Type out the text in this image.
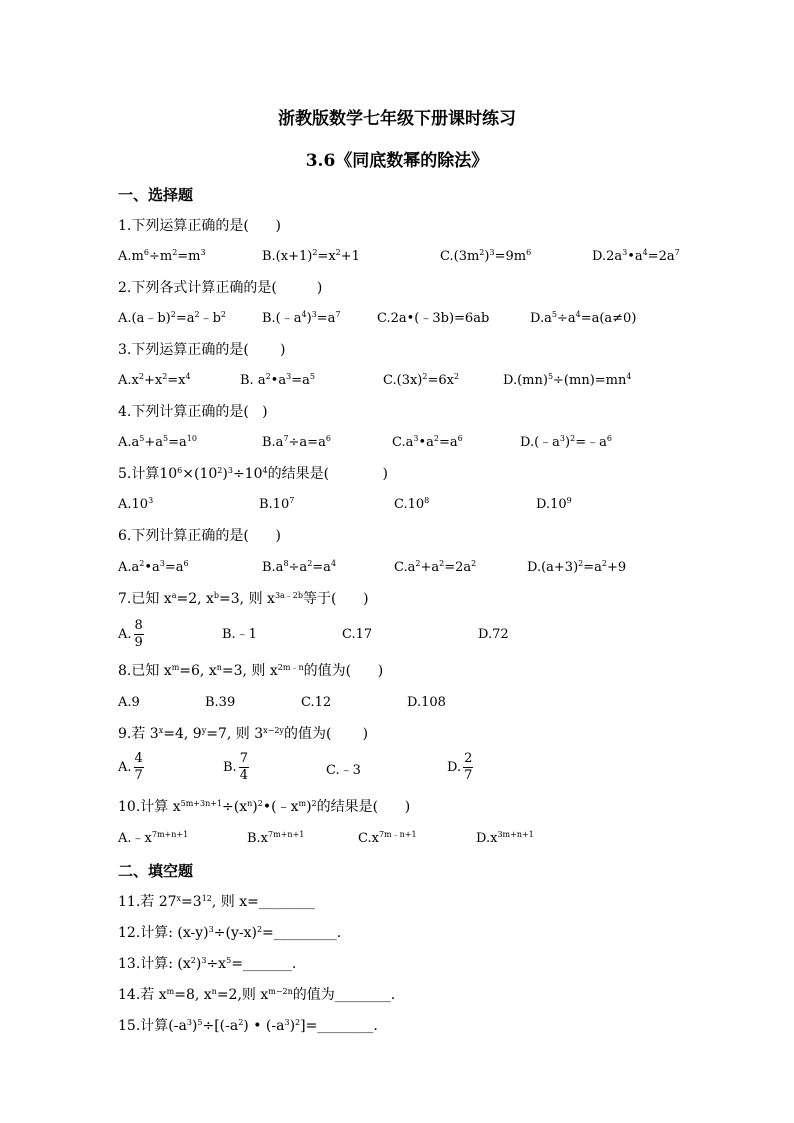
浙教版数学七年级下册课时练习
3.6《同底数幂的除法》
一、选择题
1.下列运算正确的是(      )
$A.m^6\div m^2=m^3$	$B.(x+1)^2=x^2+1$	$C.(3m^2)^3=9m^6$	$D.2a^3•a^4=2a^7$
2.下列各式计算正确的是(         )
$A.(a﹣b)^2=a^2﹣b^2$	$B.(﹣a^4)^3=a^7$	C.2a•(﹣3b)=6ab	$D.a^5\div a^4=a(a\ne 0)$
3.下列运算正确的是(       )
$A.x^2+x^2=x^4$	B. $a^2•a^3=a^5$	$C.(3x)^2=6x^2$	$D.(mn)^5\div(mn)=mn^4$
4.下列计算正确的是(   )
$A.a^5+a^5=a^{10}$	$B.a^7\div a=a^6$	$C.a^3•a^2=a^6$	$D.(﹣a^3)^2=﹣a^6$
5.计算$10^6\times(10^2)^3\div 10^4$的结果是(            )
$A.10^3$	$B.10^7$	$C.10^8$	$D.10^9$
6.下列计算正确的是(      )
$A.a^2•a^3=a^6$	$B.a^8\div a^2=a^4$	$C.a^2+a^2=2a^2$	$D.(a+3)^2=a^2+9$
7.已知 $x^a=2$, $x^b=3$, 则 $x^{3a﹣2b}$等于(      )
A. $\frac{8}{9}$	B.﹣1	C.17	D.72
8.已知 $x^m=6$, $x^n=3$, 则 $x^{2m﹣n}$的值为(      )
A.9	B.39	C.12	D.108
9.若 $3^x=4$, $9^y=7$, 则 $3^{x-2y}$的值为(       )
A. $\frac{4}{7}$	B. $\frac{7}{4}$	C.﹣3	D. $\frac{2}{7}$
10.计算 $x^{5m+3n+1}\div(x^n)^2•(﹣x^m)^2$的结果是(      )
$A.﹣x^{7m+n+1}$	$B.x^{7m+n+1}$	$C.x^{7m﹣n+1}$	$D.x^{3m+n+1}$
二、填空题
11.若 $27^x=3^{12}$, 则 x=________
12.计算: $(x-y)^3\div(y-x)^2=\_\_\_\_\_\_\_\_\_$.
13.计算: $(x^2)^3\div x^5=\_\_\_\_\_\_\_$.
14.若 $x^m=8$, $x^n=2$,则 $x^{m-2n}$的值为________.
15.计算$(-a^3)^5\div[(-a^2)$ • $(-a^3)^2]=\_\_\_\_\_\_\_\_$.
